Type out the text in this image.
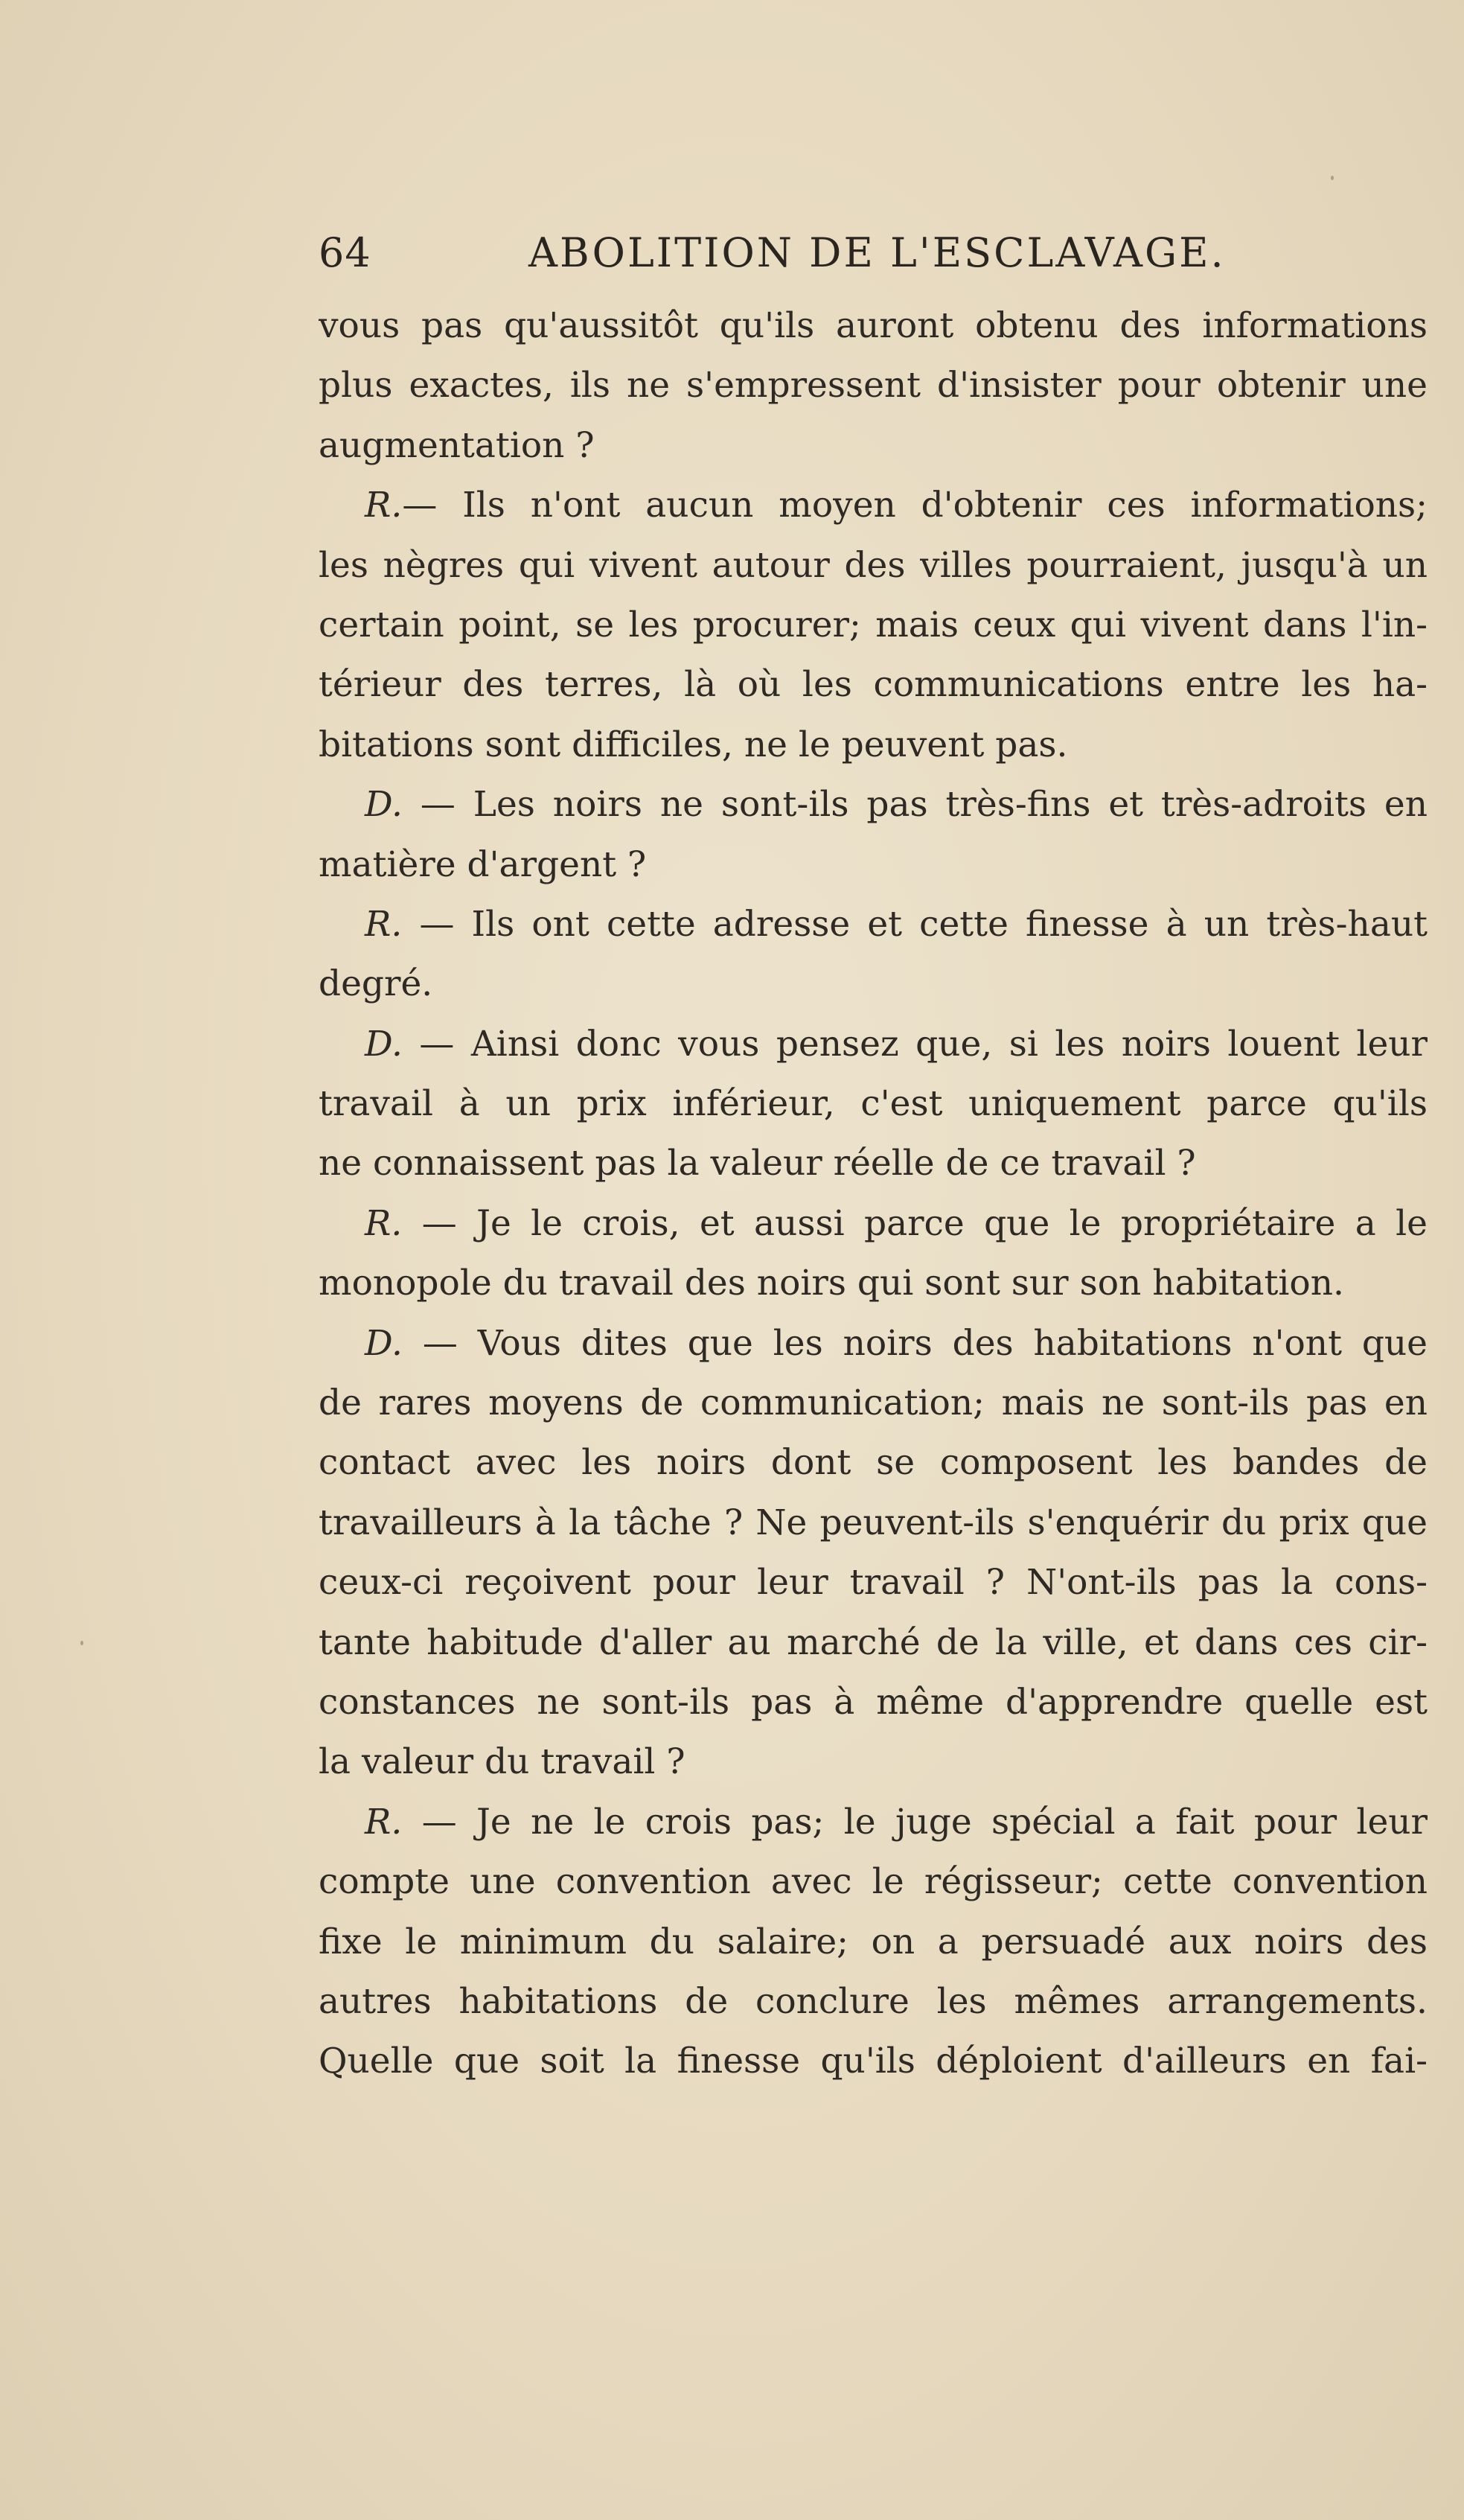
64	ABOLITION DE L'ESCLAVAGE.
vous pas qu'aussitôt qu'ils auront obtenu des informations
plus exactes, ils ne s'empressent d'insister pour obtenir une
augmentation ?
R.— Ils n'ont aucun moyen d'obtenir ces informations;
les nègres qui vivent autour des villes pourraient, jusqu'à un
certain point, se les procurer; mais ceux qui vivent dans l'in-
térieur des terres, là où les communications entre les ha-
bitations sont difficiles, ne le peuvent pas.
D. — Les noirs ne sont-ils pas très-fins et très-adroits en
matière d'argent ?
R. — Ils ont cette adresse et cette finesse à un très-haut
degré.
D. — Ainsi donc vous pensez que, si les noirs louent leur
travail à un prix inférieur, c'est uniquement parce qu'ils
ne connaissent pas la valeur réelle de ce travail ?
R. — Je le crois, et aussi parce que le propriétaire a le
monopole du travail des noirs qui sont sur son habitation.
D. — Vous dites que les noirs des habitations n'ont que
de rares moyens de communication; mais ne sont-ils pas en
contact avec les noirs dont se composent les bandes de
travailleurs à la tâche ? Ne peuvent-ils s'enquérir du prix que
ceux-ci reçoivent pour leur travail ? N'ont-ils pas la cons-
tante habitude d'aller au marché de la ville, et dans ces cir-
constances ne sont-ils pas à même d'apprendre quelle est
la valeur du travail ?
R. — Je ne le crois pas; le juge spécial a fait pour leur
compte une convention avec le régisseur; cette convention
fixe le minimum du salaire; on a persuadé aux noirs des
autres habitations de conclure les mêmes arrangements.
Quelle que soit la finesse qu'ils déploient d'ailleurs en fai-
